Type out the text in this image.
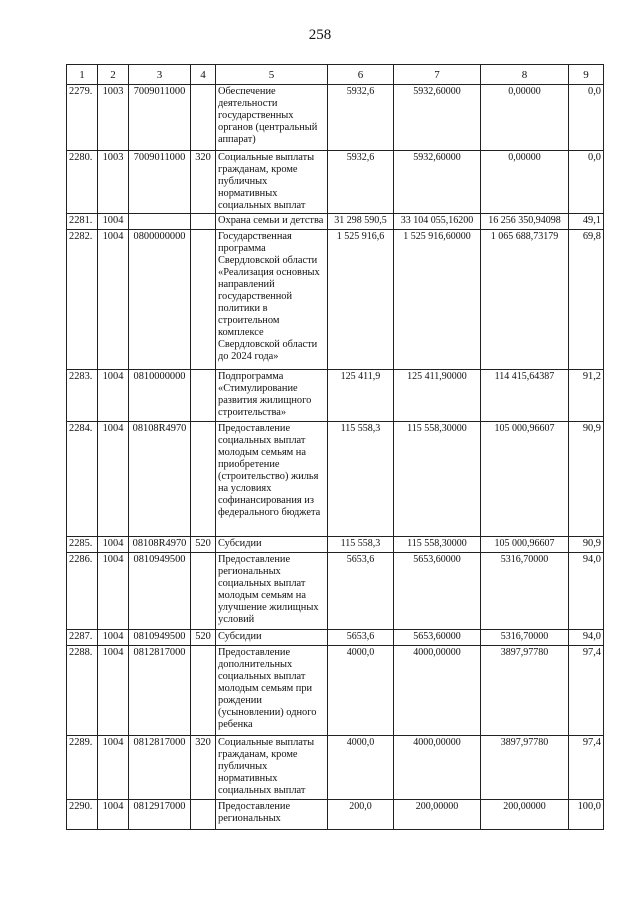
258
1	2	3	4	5	6	7	8	9
2279.	1003	7009011000		Обеспечение деятельности государственных органов (центральный аппарат)	5932,6	5932,60000	0,00000	0,0
2280.	1003	7009011000	320	Социальные выплаты гражданам, кроме публичных нормативных социальных выплат	5932,6	5932,60000	0,00000	0,0
2281.	1004			Охрана семьи и детства	31 298 590,5	33 104 055,16200	16 256 350,94098	49,1
2282.	1004	0800000000		Государственная программа Свердловской области «Реализация основных направлений государственной политики в строительном комплексе Свердловской области до 2024 года»	1 525 916,6	1 525 916,60000	1 065 688,73179	69,8
2283.	1004	0810000000		Подпрограмма «Стимулирование развития жилищного строительства»	125 411,9	125 411,90000	114 415,64387	91,2
2284.	1004	08108R4970		Предоставление социальных выплат молодым семьям на приобретение (строительство) жилья на условиях софинансирования из федерального бюджета	115 558,3	115 558,30000	105 000,96607	90,9
2285.	1004	08108R4970	520	Субсидии	115 558,3	115 558,30000	105 000,96607	90,9
2286.	1004	0810949500		Предоставление региональных социальных выплат молодым семьям на улучшение жилищных условий	5653,6	5653,60000	5316,70000	94,0
2287.	1004	0810949500	520	Субсидии	5653,6	5653,60000	5316,70000	94,0
2288.	1004	0812817000		Предоставление дополнительных социальных выплат молодым семьям при рождении (усыновлении) одного ребенка	4000,0	4000,00000	3897,97780	97,4
2289.	1004	0812817000	320	Социальные выплаты гражданам, кроме публичных нормативных социальных выплат	4000,0	4000,00000	3897,97780	97,4
2290.	1004	0812917000		Предоставление региональных	200,0	200,00000	200,00000	100,0
